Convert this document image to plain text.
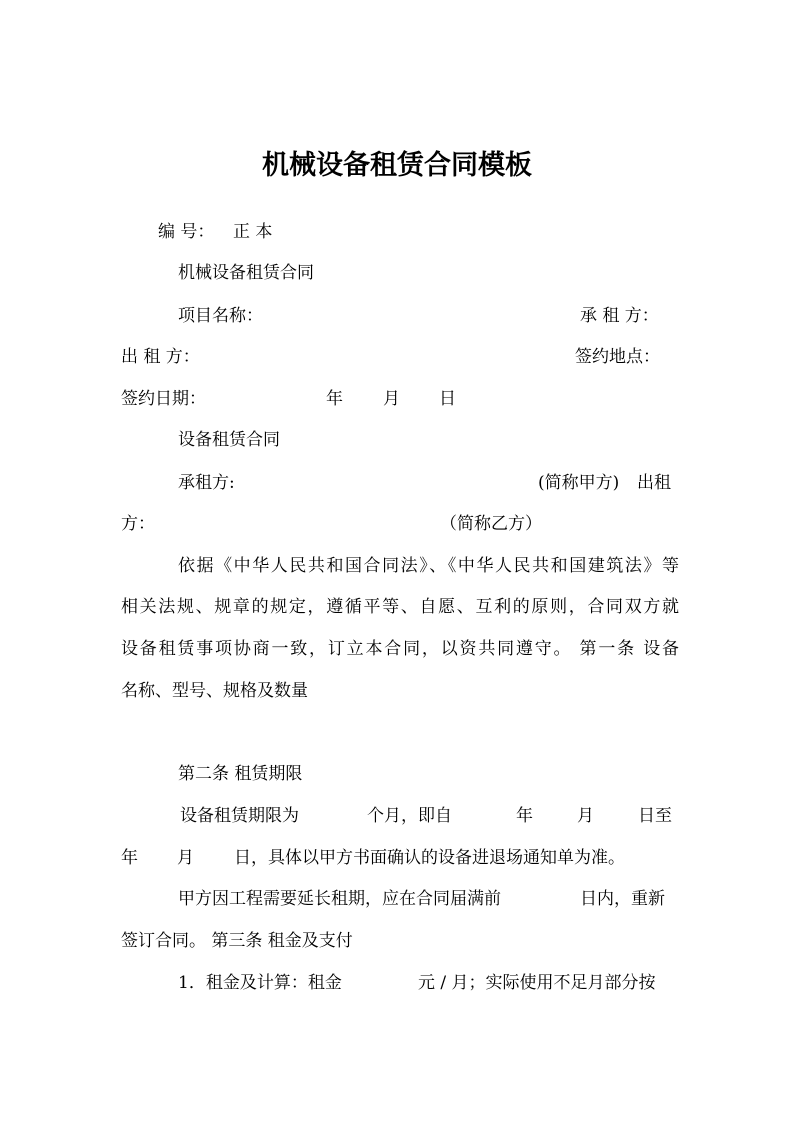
机械设备租赁合同模板
编 号： 正 本
机械设备租赁合同
项目名称：	承 租 方：
出 租 方：	签约地点：
签约日期：	年 月 日
设备租赁合同
承租方:	(简称甲方) 出租
方：	（简称乙方）
依据《中华人民共和国合同法》、《中华人民共和国建筑法》等
相关法规、规章的规定，遵循平等、自愿、互利的原则，合同双方就
设备租赁事项协商一致，订立本合同，以资共同遵守。 第一条 设备
名称、型号、规格及数量
第二条 租赁期限
设备租赁期限为	个月，即自	年	月	日至
年 月 日，具体以甲方书面确认的设备进退场通知单为准。
甲方因工程需要延长租期，应在合同届满前	日内，重新
签订合同。 第三条 租金及支付
1．租金及计算：租金	元 / 月；实际使用不足月部分按
